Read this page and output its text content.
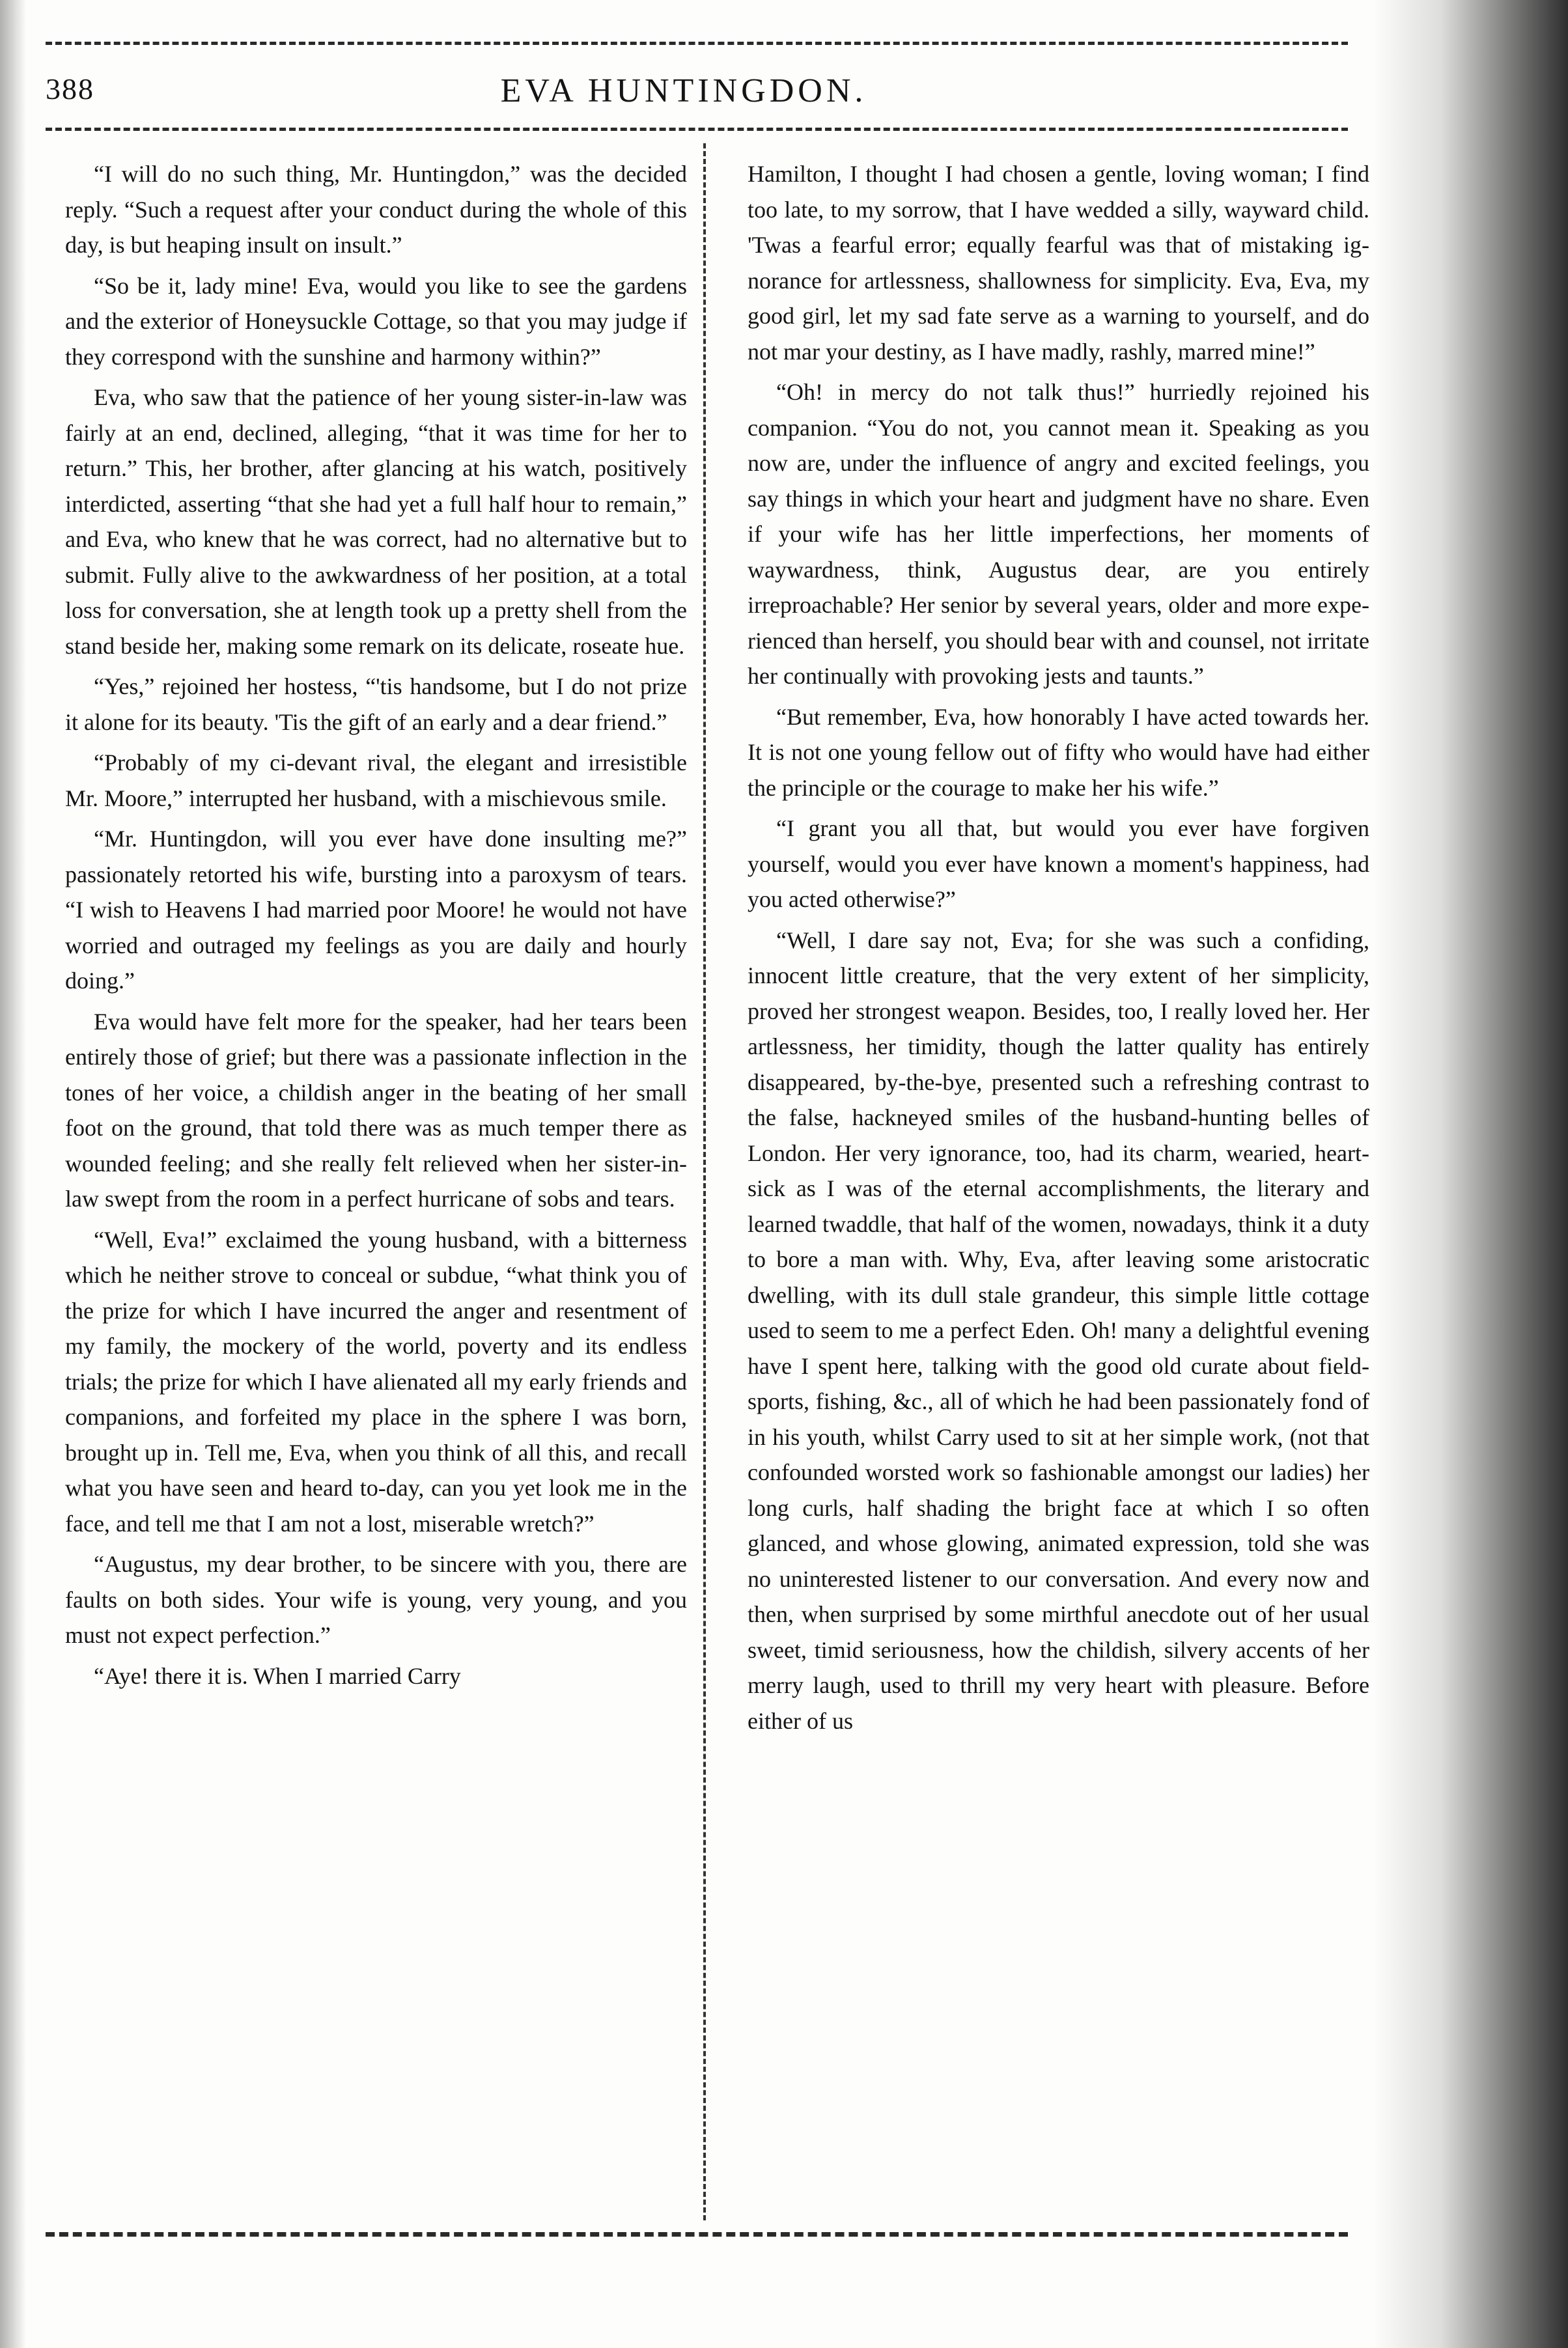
388	EVA HUNTINGDON.

“I will do no such thing, Mr. Huntingdon,” was the decided reply. “Such a request after your conduct during the whole of this day, is but heaping insult on insult.”

“So be it, lady mine! Eva, would you like to see the gardens and the exterior of Honeysuckle Cottage, so that you may judge if they correspond with the sunshine and harmony within?”

Eva, who saw that the patience of her young sister-in-law was fairly at an end, declined, alleging, “that it was time for her to return.” This, her brother, after glancing at his watch, positively interdicted, asserting “that she had yet a full half hour to remain,” and Eva, who knew that he was correct, had no alternative but to submit. Fully alive to the awkwardness of her position, at a total loss for conversation, she at length took up a pretty shell from the stand beside her, making some remark on its delicate, roseate hue.

“Yes,” rejoined her hostess, “'tis handsome, but I do not prize it alone for its beauty. 'Tis the gift of an early and a dear friend.”

“Probably of my ci-devant rival, the elegant and irresistible Mr. Moore,” interrupted her husband, with a mischievous smile.

“Mr. Huntingdon, will you ever have done insulting me?” passionately retorted his wife, bursting into a paroxysm of tears. “I wish to Heavens I had married poor Moore! he would not have worried and outraged my feelings as you are daily and hourly doing.”

Eva would have felt more for the speaker, had her tears been entirely those of grief; but there was a passionate inflection in the tones of her voice, a childish anger in the beating of her small foot on the ground, that told there was as much temper there as wounded feeling; and she really felt relieved when her sister-in-law swept from the room in a perfect hurricane of sobs and tears.

“Well, Eva!” exclaimed the young husband, with a bitterness which he neither strove to conceal or subdue, “what think you of the prize for which I have incurred the anger and resentment of my family, the mockery of the world, poverty and its endless trials; the prize for which I have alienated all my early friends and companions, and forfeited my place in the sphere I was born, brought up in. Tell me, Eva, when you think of all this, and recall what you have seen and heard to-day, can you yet look me in the face, and tell me that I am not a lost, miserable wretch?”

“Augustus, my dear brother, to be sincere with you, there are faults on both sides. Your wife is young, very young, and you must not expect perfection.”

“Aye! there it is. When I married Carry

Hamilton, I thought I had chosen a gentle, loving woman; I find too late, to my sorrow, that I have wedded a silly, wayward child. 'Twas a fearful error; equally fearful was that of mistaking ignorance for artlessness, shallowness for simplicity. Eva, Eva, my good girl, let my sad fate serve as a warning to yourself, and do not mar your destiny, as I have madly, rashly, marred mine!”

“Oh! in mercy do not talk thus!” hurriedly rejoined his companion. “You do not, you cannot mean it. Speaking as you now are, under the influence of angry and excited feelings, you say things in which your heart and judgment have no share. Even if your wife has her little imperfections, her moments of waywardness, think, Augustus dear, are you entirely irreproachable? Her senior by several years, older and more experienced than herself, you should bear with and counsel, not irritate her continually with provoking jests and taunts.”

“But remember, Eva, how honorably I have acted towards her. It is not one young fellow out of fifty who would have had either the principle or the courage to make her his wife.”

“I grant you all that, but would you ever have forgiven yourself, would you ever have known a moment's happiness, had you acted otherwise?”

“Well, I dare say not, Eva; for she was such a confiding, innocent little creature, that the very extent of her simplicity, proved her strongest weapon. Besides, too, I really loved her. Her artlessness, her timidity, though the latter quality has entirely disappeared, by-the-bye, presented such a refreshing contrast to the false, hackneyed smiles of the husband-hunting belles of London. Her very ignorance, too, had its charm, wearied, heart-sick as I was of the eternal accomplishments, the literary and learned twaddle, that half of the women, nowadays, think it a duty to bore a man with. Why, Eva, after leaving some aristocratic dwelling, with its dull stale grandeur, this simple little cottage used to seem to me a perfect Eden. Oh! many a delightful evening have I spent here, talking with the good old curate about field-sports, fishing, &c., all of which he had been passionately fond of in his youth, whilst Carry used to sit at her simple work, (not that confounded worsted work so fashionable amongst our ladies) her long curls, half shading the bright face at which I so often glanced, and whose glowing, animated expression, told she was no uninterested listener to our conversation. And every now and then, when surprised by some mirthful anecdote out of her usual sweet, timid seriousness, how the childish, silvery accents of her merry laugh, used to thrill my very heart with pleasure. Before either of us
